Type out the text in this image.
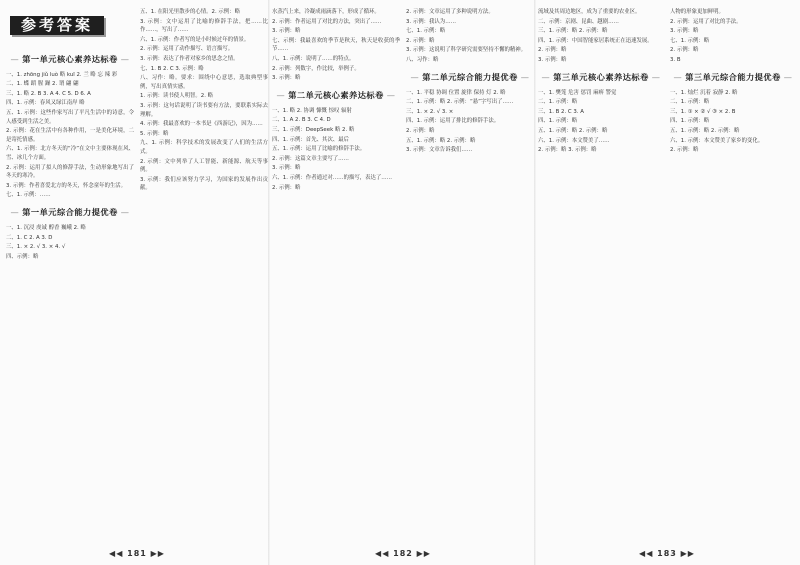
参考答案
— 第一单元核心素养达标卷 —

一、1. zhōng jiǔ luò 略 kuī 2. 兰 略 忘 辣 彩

二、1. 蝶 蹈 腥 躁 2. 谓 翩 翩

三、1. 略 2. B 3. A 4. C 5. D 6. A

四、1. 示例：春风又绿江南岸 略

五、1. 示例：这些作家写出了平凡生活中的诗意，令人感受到生活之美。

2. 示例：花在生活中有各种作用，一是美化环境，二是寄托情感。

六、1. 示例：北方冬天的“冷”在文中主要体现在风、雪、冰几个方面。

2. 示例：运用了拟人的修辞手法，生动形象地写出了冬天的寒冷。

3. 示例：作者喜爱北方的冬天，怀念童年的生活。

七、1. 示例：……

— 第一单元综合能力提优卷 —

一、1. 沉浸 虔诚 醇香 巍峨 2. 略

二、1. C 2. A 3. D

三、1. × 2. √ 3. × 4. √

四、示例：略

五、1. 在阳光里散步的心情。2. 示例：略

3. 示例：文中运用了比喻的修辞手法，把……比作……，写出了……

六、1. 示例：作者写的是小时候过年的情景。

2. 示例：运用了动作描写、语言描写。

3. 示例：表达了作者对家乡的思念之情。

七、1. B 2. C 3. 示例：略

八、习作：略。要求：围绕中心意思，选取典型事例，写出真情实感。

1. 示例：读书使人明智。2. 略

3. 示例：这句话说明了读书要有方法，要联系实际去理解。

4. 示例：我最喜欢的一本书是《西游记》，因为……

5. 示例：略

九、1. 示例：科学技术的发展改变了人们的生活方式。

2. 示例：文中列举了人工智能、新能源、航天等事例。

3. 示例：我们应该努力学习，为国家的发展作出贡献。

◀◀ 181 ▶▶

水蒸汽上来，冷凝成雨滴落下，形成了循环。

2. 示例：作者运用了对比的方法，突出了……

3. 示例：略

七、示例：我最喜欢的季节是秋天，秋天是收获的季节……

八、1. 示例：说明了……的特点。

2. 示例：列数字，作比较，举例子。

3. 示例：略

— 第二单元核心素养达标卷 —

一、1. 略 2. 协调 慷慨 惊叹 辐射

二、1. A 2. B 3. C 4. D

三、1. 示例：DeepSeek 略 2. 略

四、1. 示例：首先、其次、最后

五、1. 示例：运用了比喻的修辞手法。

2. 示例：这篇文章主要写了……

3. 示例：略

六、1. 示例：作者通过对……的描写，表达了……

2. 示例：略

2. 示例：文章运用了多种说明方法。

3. 示例：我认为……

七、1. 示例：略

2. 示例：略

3. 示例：这说明了科学研究需要坚持不懈的精神。

八、习作：略

— 第二单元综合能力提优卷 —

一、1. 平稳 协调 位置 旋律 保持 灯 2. 略

二、1. 示例：略 2. 示例：“悬”字写出了……

三、1. × 2. √ 3. ×

四、1. 示例：运用了排比的修辞手法。

2. 示例：略

五、1. 示例：略 2. 示例：略

3. 示例：文章告诉我们……

◀◀ 182 ▶▶

流域及其周边地区，成为了重要的农业区。

二、示例：京剧、昆曲、越剧……

三、1. 示例：略 2. 示例：略

四、1. 示例：中国智能家居系统正在迅速发展。

2. 示例：略

3. 示例：略

— 第三单元核心素养达标卷 —

一、1. 樊笼 危害 惩罚 麻痹 警觉

二、1. 示例：略

三、1. B 2. C 3. A

四、1. 示例：略

五、1. 示例：略 2. 示例：略

六、1. 示例：本文赞美了……

2. 示例：略 3. 示例：略

人物的形象更加鲜明。

2. 示例：运用了对比的手法。

3. 示例：略

七、1. 示例：略

2. 示例：略

3. B

— 第三单元综合能力提优卷 —

一、1. 灿烂 沉着 寂静 2. 略

二、1. 示例：略

三、1. ① × ② √ ③ × 2. B

四、1. 示例：略

五、1. 示例：略 2. 示例：略

六、1. 示例：本文赞美了家乡的变化。

2. 示例：略

◀◀ 183 ▶▶
